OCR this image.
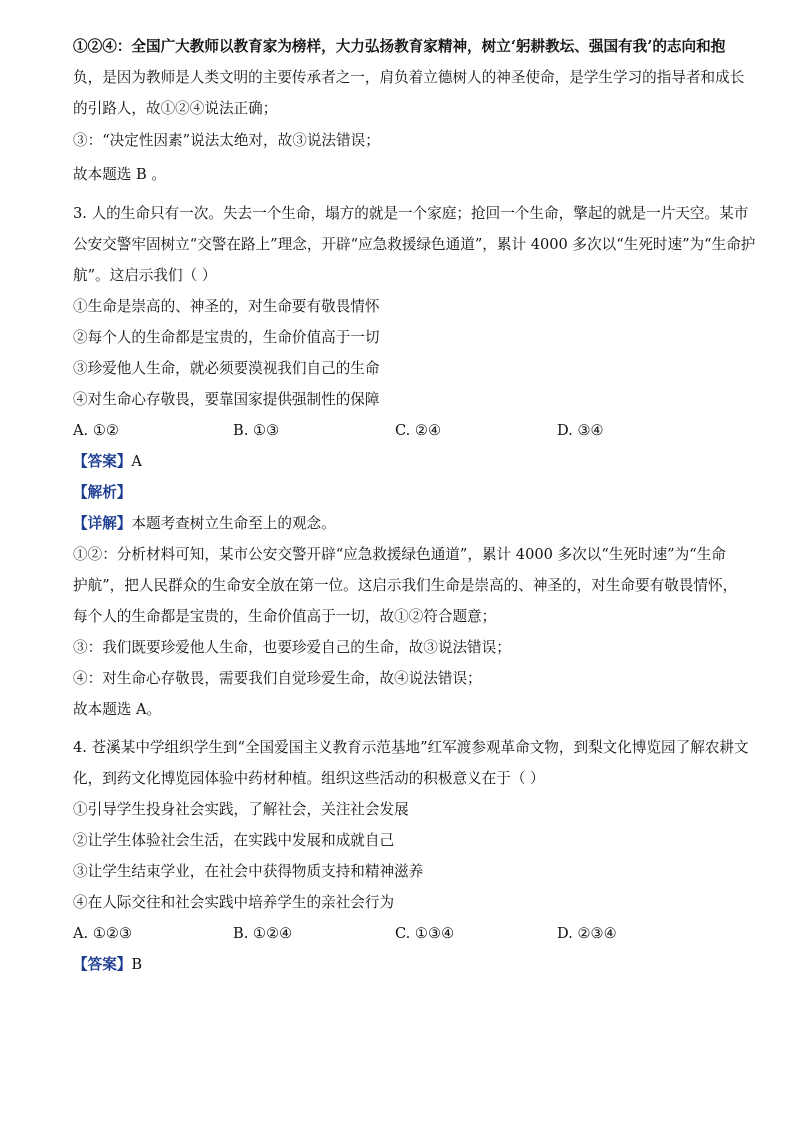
①②④：全国广大教师以教育家为榜样，大力弘扬教育家精神，树立‘躬耕教坛、强国有我’的志向和抱
负，是因为教师是人类文明的主要传承者之一，肩负着立德树人的神圣使命，是学生学习的指导者和成长
的引路人，故①②④说法正确；
③：“决定性因素”说法太绝对，故③说法错误；
故本题选 B 。
3. 人的生命只有一次。失去一个生命，塌方的就是一个家庭；抢回一个生命，擎起的就是一片天空。某市
公安交警牢固树立“交警在路上”理念，开辟“应急救援绿色通道”，累计 4000 多次以“生死时速”为“生命护
航”。这启示我们（ ）
①生命是崇高的、神圣的，对生命要有敬畏情怀
②每个人的生命都是宝贵的，生命价值高于一切
③珍爱他人生命，就必须要漠视我们自己的生命
④对生命心存敬畏，要靠国家提供强制性的保障
A. ①②	B. ①③	C. ②④	D. ③④
【答案】A
【解析】
【详解】本题考查树立生命至上的观念。
①②：分析材料可知，某市公安交警开辟“应急救援绿色通道”，累计 4000 多次以“生死时速”为“生命
护航”，把人民群众的生命安全放在第一位。这启示我们生命是崇高的、神圣的，对生命要有敬畏情怀，
每个人的生命都是宝贵的，生命价值高于一切，故①②符合题意；
③：我们既要珍爱他人生命，也要珍爱自己的生命，故③说法错误；
④：对生命心存敬畏，需要我们自觉珍爱生命，故④说法错误；
故本题选 A。
4. 苍溪某中学组织学生到“全国爱国主义教育示范基地”红军渡参观革命文物，到梨文化博览园了解农耕文
化，到药文化博览园体验中药材种植。组织这些活动的积极意义在于（ ）
①引导学生投身社会实践，了解社会，关注社会发展
②让学生体验社会生活，在实践中发展和成就自己
③让学生结束学业，在社会中获得物质支持和精神滋养
④在人际交往和社会实践中培养学生的亲社会行为
A. ①②③	B. ①②④	C. ①③④	D. ②③④
【答案】B
